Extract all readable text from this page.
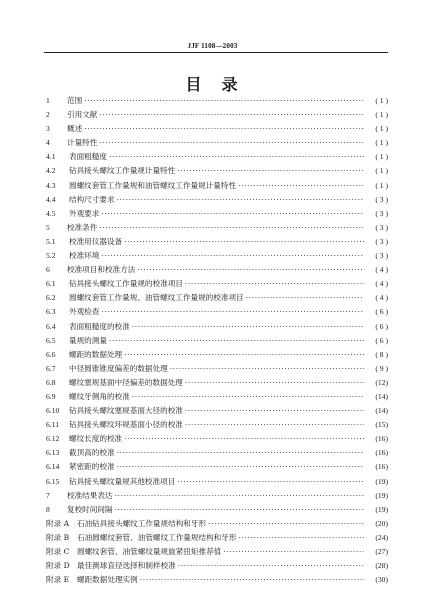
JJF 1108—2003
目　录
1	范围 ·····	( 1 )
2	引用文献 ·····	( 1 )
3	概述 ·····	( 1 )
4	计量特性 ·····	( 1 )
4.1	表面粗糙度 ·····	( 1 )
4.2	钻具接头螺纹工作量规计量特性 ·····	( 1 )
4.3	圆螺纹套管工作量规和油管螺纹工作量规计量特性 ·····	( 1 )
4.4	结构尺寸要求 ·····	( 3 )
4.5	外观要求 ·····	( 3 )
5	校准条件 ·····	( 3 )
5.1	校准用仪器设备 ·····	( 3 )
5.2	校准环境 ·····	( 3 )
6	校准项目和校准方法 ·····	( 4 )
6.1	钻具接头螺纹工作量规的校准项目 ·····	( 4 )
6.2	圆螺纹套管工作量规、油管螺纹工作量规的校准项目 ·····	( 4 )
6.3	外观检查 ·····	( 6 )
6.4	表面粗糙度的校准 ·····	( 6 )
6.5	量规的测量 ·····	( 6 )
6.6	螺距的数据处理 ·····	( 8 )
6.7	中径圆锥锥度偏差的数据处理 ·····	( 9 )
6.8	螺纹塞规基面中径偏差的数据处理 ·····	(12)
6.9	螺纹牙侧角的校准 ·····	(14)
6.10	钻具接头螺纹塞规基面大径的校准 ·····	(14)
6.11	钻具接头螺纹环规基面小径的校准 ·····	(15)
6.12	螺纹长度的校准 ·····	(16)
6.13	截顶高的校准 ·····	(16)
6.14	紧密距的校准 ·····	(16)
6.15	钻具接头螺纹量规其他校准项目 ·····	(19)
7	校准结果表达 ·····	(19)
8	复校时间间隔 ·····	(19)
附录 A	石油钻具接头螺纹工作量规结构和牙形 ·····	(20)
附录 B	石油圆螺纹套管、油管螺纹工作量规结构和牙形 ·····	(24)
附录 C 圆螺纹套管、油管螺纹量规旋紧扭矩推荐值 ·····	(27)
附录 D 最佳测球直径选择和制样校准 ·····	(28)
附录 E	螺距数据处理实例 ·····	(30)
